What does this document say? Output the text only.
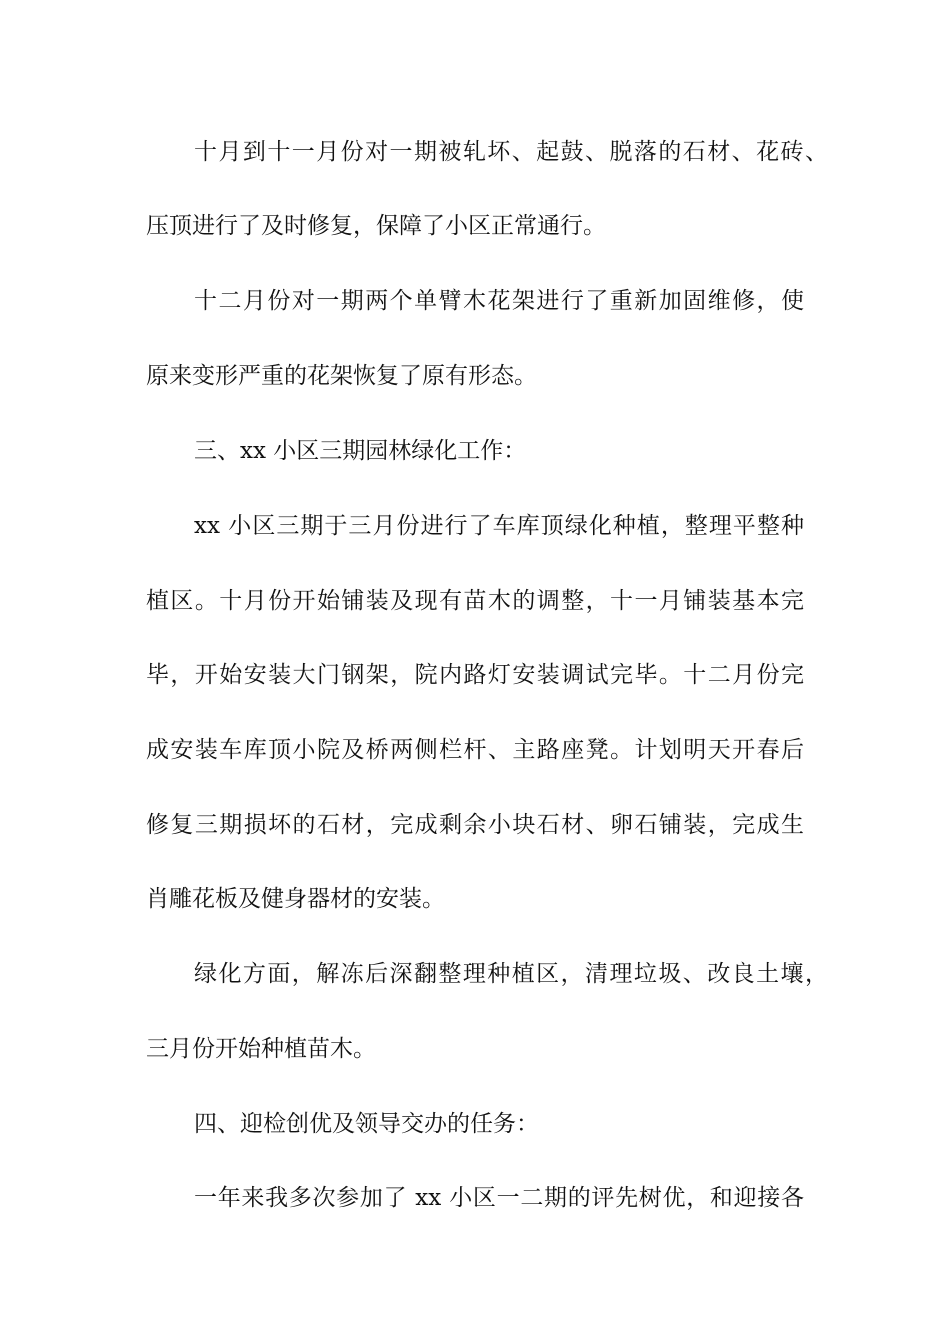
十月到十一月份对一期被轧坏、起鼓、脱落的石材、花砖、

压顶进行了及时修复，保障了小区正常通行。

十二月份对一期两个单臂木花架进行了重新加固维修，使

原来变形严重的花架恢复了原有形态。

三、xx 小区三期园林绿化工作：

xx 小区三期于三月份进行了车库顶绿化种植，整理平整种

植区。十月份开始铺装及现有苗木的调整，十一月铺装基本完

毕，开始安装大门钢架，院内路灯安装调试完毕。十二月份完

成安装车库顶小院及桥两侧栏杆、主路座凳。计划明天开春后

修复三期损坏的石材，完成剩余小块石材、卵石铺装，完成生

肖雕花板及健身器材的安装。

绿化方面，解冻后深翻整理种植区，清理垃圾、改良土壤，

三月份开始种植苗木。

四、迎检创优及领导交办的任务：

一年来我多次参加了 xx 小区一二期的评先树优，和迎接各
